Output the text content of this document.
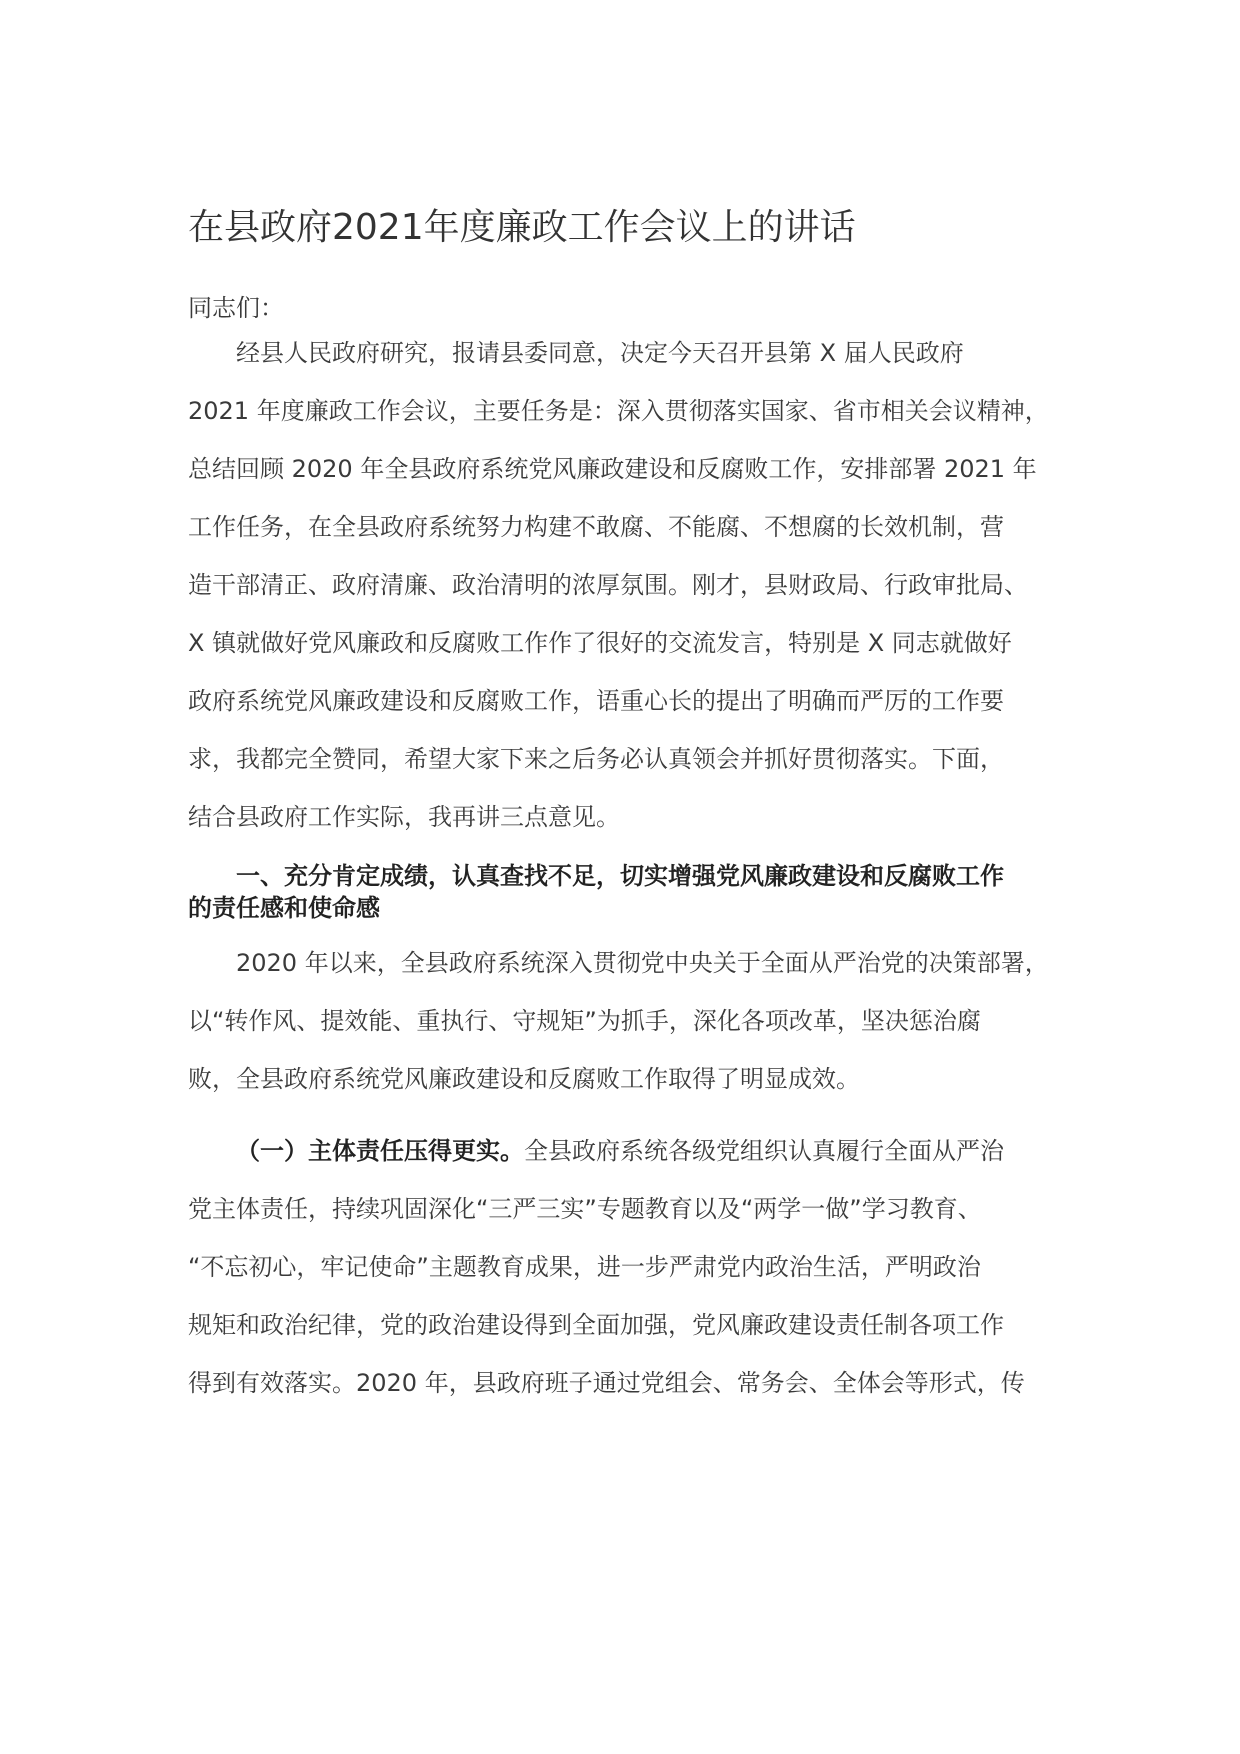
在县政府2021年度廉政工作会议上的讲话
同志们：
经县人民政府研究，报请县委同意，决定今天召开县第 X 届人民政府
2021 年度廉政工作会议，主要任务是：深入贯彻落实国家、省市相关会议精神，
总结回顾 2020 年全县政府系统党风廉政建设和反腐败工作，安排部署 2021 年
工作任务，在全县政府系统努力构建不敢腐、不能腐、不想腐的长效机制，营
造干部清正、政府清廉、政治清明的浓厚氛围。刚才，县财政局、行政审批局、
X 镇就做好党风廉政和反腐败工作作了很好的交流发言，特别是 X 同志就做好
政府系统党风廉政建设和反腐败工作，语重心长的提出了明确而严厉的工作要
求，我都完全赞同，希望大家下来之后务必认真领会并抓好贯彻落实。下面，
结合县政府工作实际，我再讲三点意见。
一、充分肯定成绩，认真查找不足，切实增强党风廉政建设和反腐败工作
的责任感和使命感
2020 年以来，全县政府系统深入贯彻党中央关于全面从严治党的决策部署，
以“转作风、提效能、重执行、守规矩”为抓手，深化各项改革，坚决惩治腐
败，全县政府系统党风廉政建设和反腐败工作取得了明显成效。
（一）主体责任压得更实。全县政府系统各级党组织认真履行全面从严治
党主体责任，持续巩固深化“三严三实”专题教育以及“两学一做”学习教育、
“不忘初心，牢记使命”主题教育成果，进一步严肃党内政治生活，严明政治
规矩和政治纪律，党的政治建设得到全面加强，党风廉政建设责任制各项工作
得到有效落实。2020 年，县政府班子通过党组会、常务会、全体会等形式，传
